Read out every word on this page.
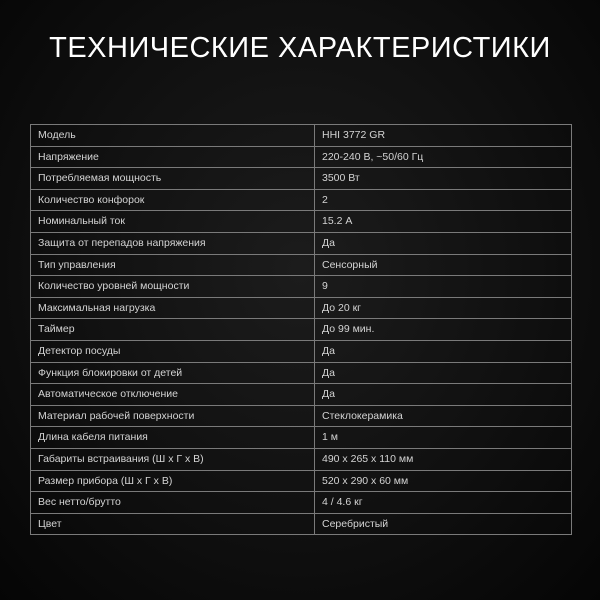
ТЕХНИЧЕСКИЕ ХАРАКТЕРИСТИКИ
Модель	HHI 3772 GR
Напряжение	220-240 В, ~50/60 Гц
Потребляемая мощность	3500 Вт
Количество конфорок	2
Номинальный ток	15.2 А
Защита от перепадов напряжения	Да
Тип управления	Сенсорный
Количество уровней мощности	9
Максимальная нагрузка	До 20 кг
Таймер	До 99 мин.
Детектор посуды	Да
Функция блокировки от детей	Да
Автоматическое отключение	Да
Материал рабочей поверхности	Стеклокерамика
Длина кабеля питания	1 м
Габариты встраивания (Ш х Г х В)	490 х 265 х 110 мм
Размер прибора (Ш х Г х В)	520 х 290 х 60 мм
Вес нетто/брутто	4 / 4.6 кг
Цвет	Серебристый
